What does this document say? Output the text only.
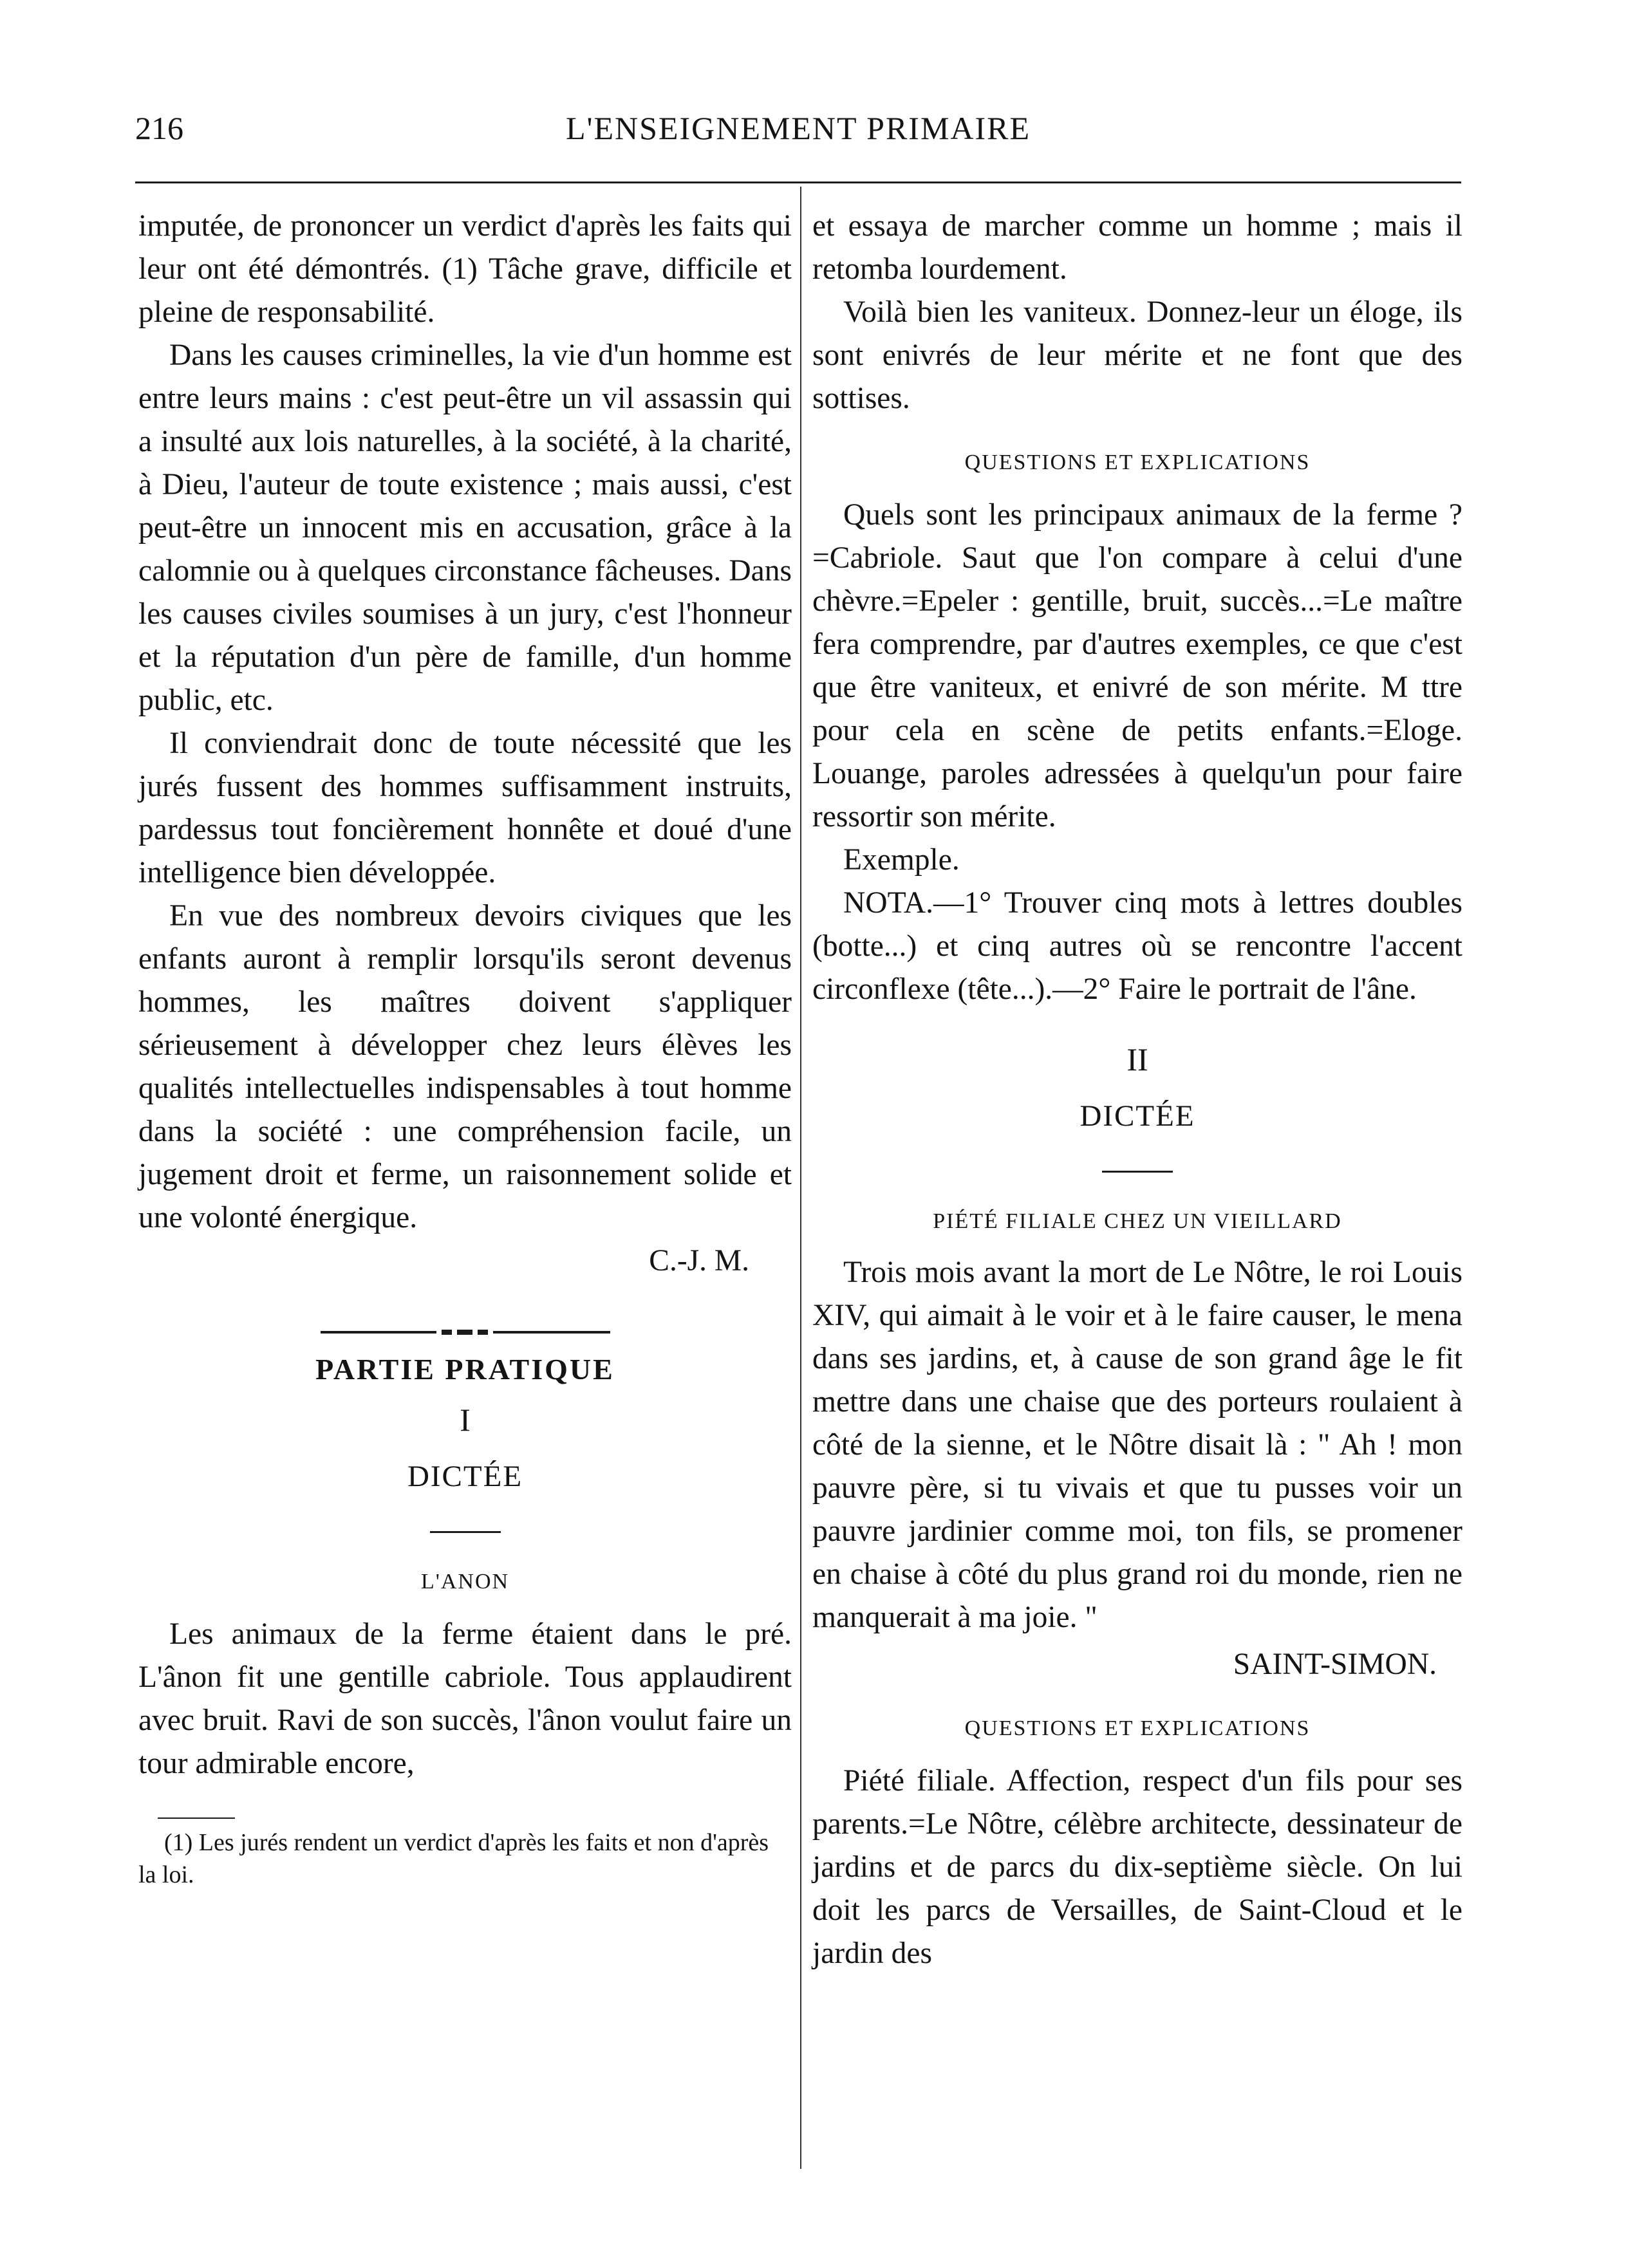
216	L'ENSEIGNEMENT PRIMAIRE

imputée, de prononcer un verdict d'après les faits qui leur ont été démontrés. (1) Tâche grave, difficile et pleine de responsabilité.

Dans les causes criminelles, la vie d'un homme est entre leurs mains : c'est peut-être un vil assassin qui a insulté aux lois naturelles, à la société, à la charité, à Dieu, l'auteur de toute existence ; mais aussi, c'est peut-être un innocent mis en accusation, grâce à la calomnie ou à quelques circonstance fâcheuses. Dans les causes civiles soumises à un jury, c'est l'honneur et la réputation d'un père de famille, d'un homme public, etc.

Il conviendrait donc de toute nécessité que les jurés fussent des hommes suffisamment instruits, pardessus tout foncièrement honnête et doué d'une intelligence bien développée.

En vue des nombreux devoirs civiques que les enfants auront à remplir lorsqu'ils seront devenus hommes, les maîtres doivent s'appliquer sérieusement à développer chez leurs élèves les qualités intellectuelles indispensables à tout homme dans la société : une compréhension facile, un jugement droit et ferme, un raisonnement solide et une volonté énergique.

C.-J. M.

PARTIE PRATIQUE
I
DICTÉE

L'ANON

Les animaux de la ferme étaient dans le pré. L'ânon fit une gentille cabriole. Tous applaudirent avec bruit. Ravi de son succès, l'ânon voulut faire un tour admirable encore,

(1) Les jurés rendent un verdict d'après les faits et non d'après la loi.

et essaya de marcher comme un homme ; mais il retomba lourdement.

Voilà bien les vaniteux. Donnez-leur un éloge, ils sont enivrés de leur mérite et ne font que des sottises.

QUESTIONS ET EXPLICATIONS

Quels sont les principaux animaux de la ferme ?=Cabriole. Saut que l'on compare à celui d'une chèvre.=Epeler : gentille, bruit, succès...=Le maître fera comprendre, par d'autres exemples, ce que c'est que être vaniteux, et enivré de son mérite. M ttre pour cela en scène de petits enfants.=Eloge. Louange, paroles adressées à quelqu'un pour faire ressortir son mérite.

Exemple.

NOTA.—1° Trouver cinq mots à lettres doubles (botte...) et cinq autres où se rencontre l'accent circonflexe (tête...).—2° Faire le portrait de l'âne.

II
DICTÉE

PIÉTÉ FILIALE CHEZ UN VIEILLARD

Trois mois avant la mort de Le Nôtre, le roi Louis XIV, qui aimait à le voir et à le faire causer, le mena dans ses jardins, et, à cause de son grand âge le fit mettre dans une chaise que des porteurs roulaient à côté de la sienne, et le Nôtre disait là : " Ah ! mon pauvre père, si tu vivais et que tu pusses voir un pauvre jardinier comme moi, ton fils, se promener en chaise à côté du plus grand roi du monde, rien ne manquerait à ma joie. "

SAINT-SIMON.

QUESTIONS ET EXPLICATIONS

Piété filiale. Affection, respect d'un fils pour ses parents.=Le Nôtre, célèbre architecte, dessinateur de jardins et de parcs du dix-septième siècle. On lui doit les parcs de Versailles, de Saint-Cloud et le jardin des
